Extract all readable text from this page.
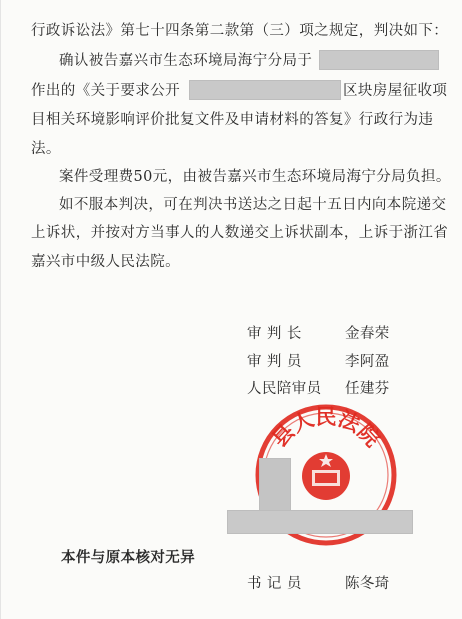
行政诉讼法》第七十四条第二款第（三）项之规定，判决如下：
确认被告嘉兴市生态环境局海宁分局于
作出的《关于要求公开	区块房屋征收项
目相关环境影响评价批复文件及申请材料的答复》行政行为违
法。
案件受理费50元，由被告嘉兴市生态环境局海宁分局负担。
如不服本判决，可在判决书送达之日起十五日内向本院递交
上诉状，并按对方当事人的人数递交上诉状副本，上诉于浙江省
嘉兴市中级人民法院。
审 判 长	金春荣
审 判 员	李阿盈
人民陪审员 任建芬
县人民法院
本件与原本核对无异
书 记 员	陈冬琦
